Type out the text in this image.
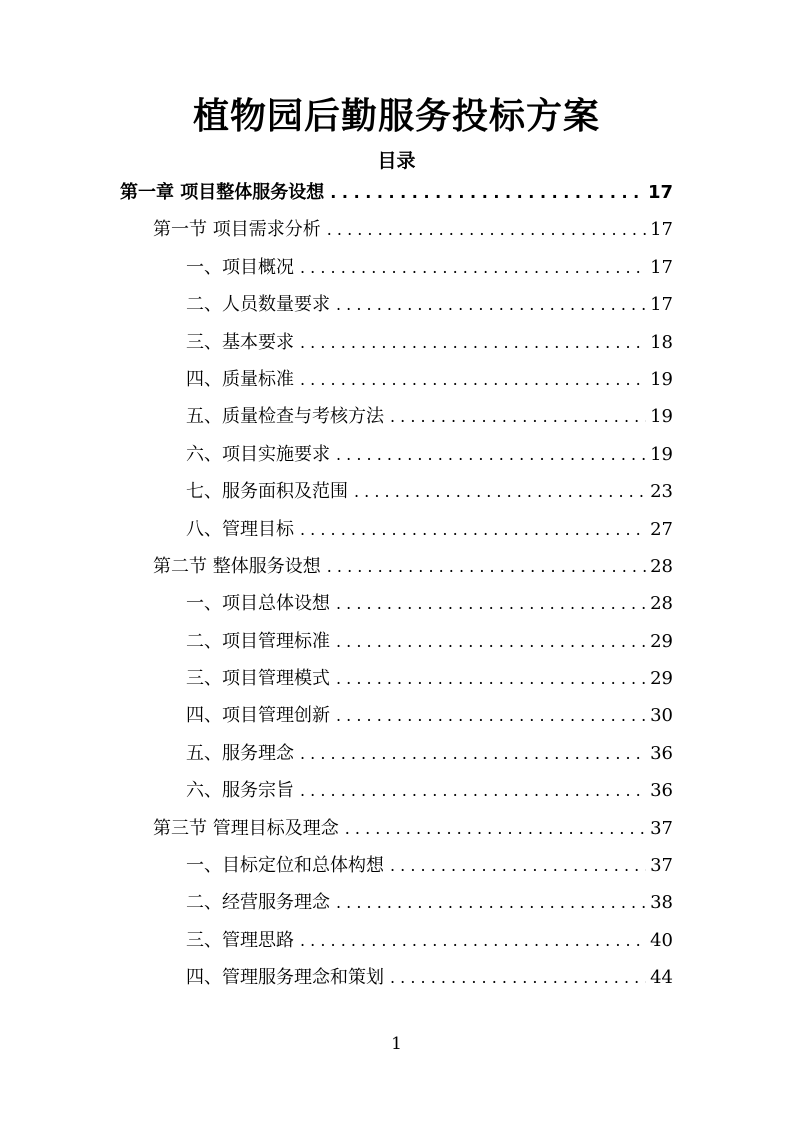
植物园后勤服务投标方案
目录
第一章 项目整体服务设想 . . .	17
第一节 项目需求分析 . . .	17
一、项目概况 . . .	17
二、人员数量要求 . . .	17
三、基本要求 . . .	18
四、质量标准 . . .	19
五、质量检查与考核方法 . . .	19
六、项目实施要求 . . .	19
七、服务面积及范围 . . .	23
八、管理目标 . . .	27
第二节 整体服务设想 . . .	28
一、项目总体设想 . . .	28
二、项目管理标准 . . .	29
三、项目管理模式 . . .	29
四、项目管理创新 . . .	30
五、服务理念 . . .	36
六、服务宗旨 . . .	36
第三节 管理目标及理念 . . .	37
一、目标定位和总体构想 . . .	37
二、经营服务理念 . . .	38
三、管理思路 . . .	40
四、管理服务理念和策划 . . .	44
1
